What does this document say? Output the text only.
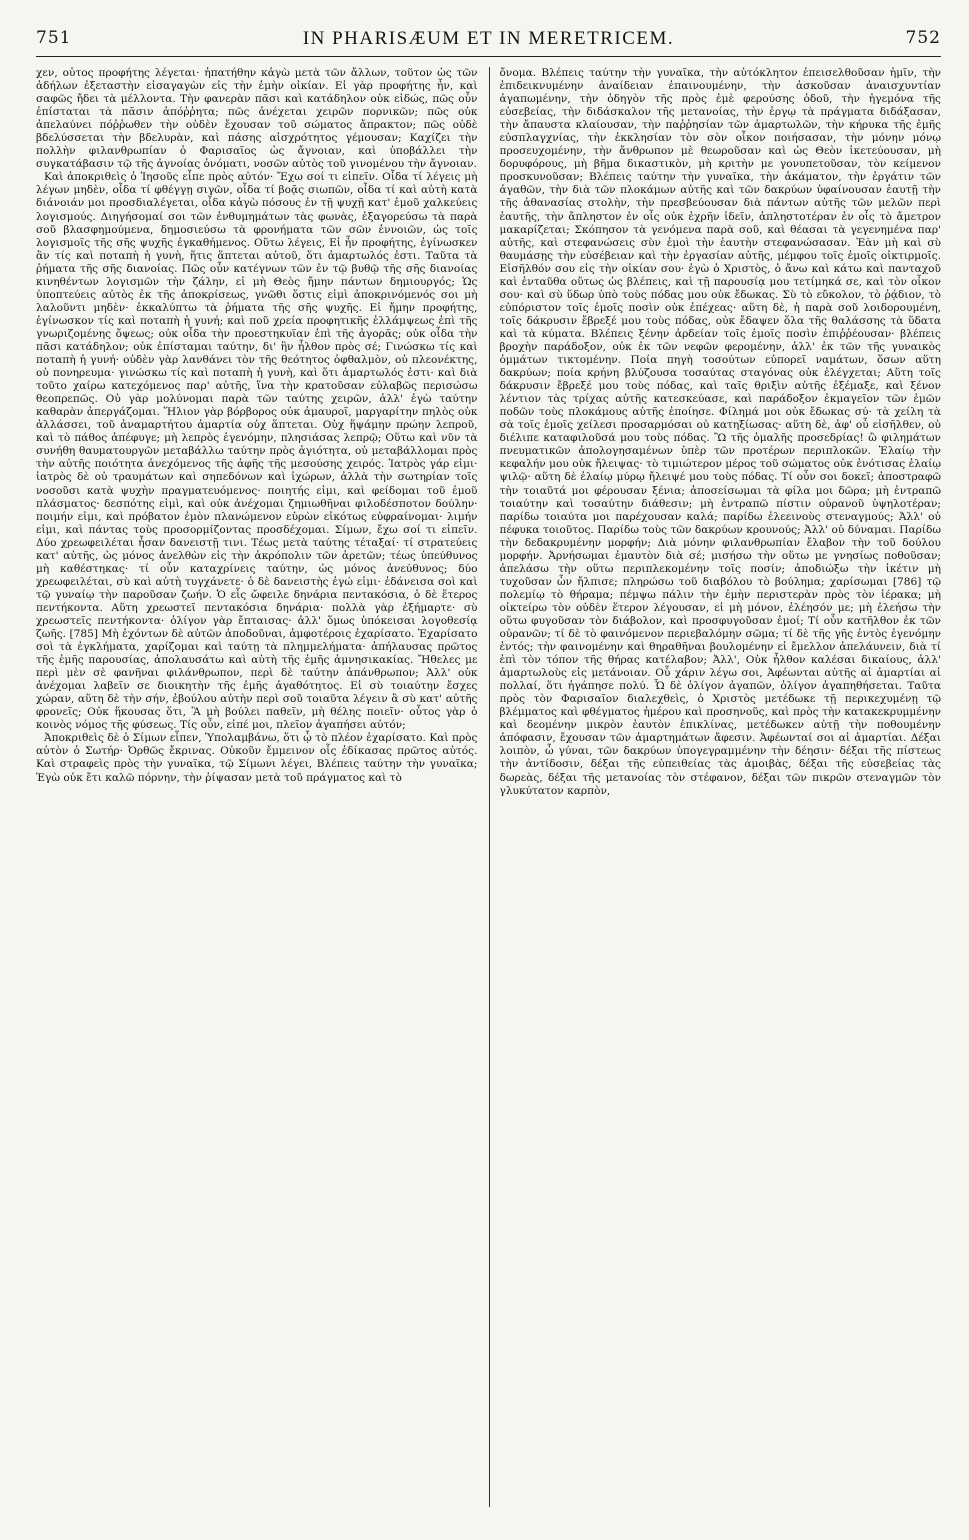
751	IN PHARISÆUM ET IN MERETRICEM.	752

χεν, οὗτος προφήτης λέγεται· ἠπατήθην κἀγὼ μετὰ τῶν ἄλλων, τοῦτον ὡς τῶν ἀδήλων ἐξεταστὴν εἰσαγαγὼν εἰς τὴν ἐμὴν οἰκίαν. Εἰ γὰρ προφήτης ἦν, καὶ σαφῶς ἤδει τὰ μέλλοντα. Τὴν φανερὰν πᾶσι καὶ κατάδηλον οὐκ εἰδώς, πῶς οὖν ἐπίσταται τὰ πᾶσιν ἀπόῤῥητα; πῶς ἀνέχεται χειρῶν πορνικῶν; πῶς οὐκ ἀπελαύνει πόῤῥωθεν τὴν οὐδὲν ἔχουσαν τοῦ σώματος ἄπρακτον; πῶς οὐδὲ βδελύσσεται τὴν βδελυρὰν, καὶ πάσης αἰσχρότητος γέμουσαν; Καχίζει τὴν πολλὴν φιλανθρωπίαν ὁ Φαρισαῖος ὡς ἄγνοιαν, καὶ ὑποβάλλει τὴν συγκατάβασιν τῷ τῆς ἀγνοίας ὀνόματι, νοσῶν αὐτὸς τοῦ γινομένου τὴν ἄγνοιαν.

Καὶ ἀποκριθεὶς ὁ Ἰησοῦς εἶπε πρὸς αὐτόν· Ἔχω σοί τι εἰπεῖν. Οἶδα τί λέγεις μὴ λέγων μηδὲν, οἶδα τί φθέγγῃ σιγῶν, οἶδα τί βοᾷς σιωπῶν, οἶδα τί καὶ αὐτὴ κατὰ διάνοιάν μοι προσδιαλέγεται, οἶδα κἀγὼ πόσους ἐν τῇ ψυχῇ κατ' ἐμοῦ χαλκεύεις λογισμούς. Διηγήσομαί σοι τῶν ἐνθυμημάτων τὰς φωνὰς, ἐξαγορεύσω τὰ παρὰ σοῦ βλασφημούμενα, δημοσιεύσω τὰ φρονήματα τῶν σῶν ἐννοιῶν, ὡς τοῖς λογισμοῖς τῆς σῆς ψυχῆς ἐγκαθήμενος. Οὕτω λέγεις, Εἰ ἦν προφήτης, ἐγίνωσκεν ἂν τίς καὶ ποταπὴ ἡ γυνὴ, ἥτις ἅπτεται αὐτοῦ, ὅτι ἁμαρτωλός ἐστι. Ταῦτα τὰ ῥήματα τῆς σῆς διανοίας. Πῶς οὖν κατέγνων τῶν ἐν τῷ βυθῷ τῆς σῆς διανοίας κινηθέντων λογισμῶν τὴν ζάλην, εἰ μὴ Θεὸς ἤμην πάντων δημιουργός; Ὡς ὑποπτεύεις αὐτὸς ἐκ τῆς ἀποκρίσεως, γνῶθι ὅστις εἰμὶ ἀποκρινόμενός σοι μὴ λαλοῦντι μηδὲν· ἐκκαλύπτω τὰ ῥήματα τῆς σῆς ψυχῆς. Εἰ ἤμην προφήτης, ἐγίνωσκον τίς καὶ ποταπὴ ἡ γυνή; καὶ ποῦ χρεία προφητικῆς ἐλλάμψεως ἐπὶ τῆς γνωριζομένης ὄψεως; οὐκ οἶδα τὴν προεστηκυῖαν ἐπὶ τῆς ἀγορᾶς; οὐκ οἶδα τὴν πᾶσι κατάδηλον; οὐκ ἐπίσταμαι ταύτην, δι' ἣν ἦλθον πρὸς σέ; Γινώσκω τίς καὶ ποταπὴ ἡ γυνή· οὐδὲν γὰρ λανθάνει τὸν τῆς θεότητος ὀφθαλμὸν, οὐ πλεονέκτης, οὐ πονηρευμα· γινώσκω τίς καὶ ποταπὴ ἡ γυνὴ, καὶ ὅτι ἁμαρτωλός ἐστι· καὶ διὰ τοῦτο χαίρω κατεχόμενος παρ' αὐτῆς, ἵνα τὴν κρατοῦσαν εὐλαβῶς περισώσω θεοπρεπῶς. Οὐ γὰρ μολύνομαι παρὰ τῶν ταύτης χειρῶν, ἀλλ' ἐγὼ ταύτην καθαρὰν ἀπεργάζομαι. Ἥλιον γὰρ βόρβορος οὐκ ἀμαυροῖ, μαργαρίτην πηλὸς οὐκ ἀλλάσσει, τοῦ ἀναμαρτήτου ἁμαρτία οὐχ ἅπτεται. Οὐχ ἥψάμην πρώην λεπροῦ, καὶ τὸ πάθος ἀπέφυγε; μὴ λεπρὸς ἐγενόμην, πλησιάσας λεπρῷ; Οὕτω καὶ νῦν τὰ συνήθη θαυματουργῶν μεταβάλλω ταύτην πρὸς ἁγιότητα, οὐ μεταβάλλομαι πρὸς τὴν αὐτῆς ποιότητα ἀνεχόμενος τῆς ἁφῆς τῆς μεσούσης χειρός. Ἰατρὸς γάρ εἰμι· ἰατρὸς δὲ οὐ τραυμάτων καὶ σηπεδόνων καὶ ἰχώρων, ἀλλὰ τὴν σωτηρίαν τοῖς νοσοῦσι κατὰ ψυχὴν πραγματευόμενος· ποιητής εἰμι, καὶ φείδομαι τοῦ ἐμοῦ πλάσματος· δεσπότης εἰμὶ, καὶ οὐκ ἀνέχομαι ζημιωθῆναι φιλοδέσποτον δούλην· ποιμήν εἰμι, καὶ πρόβατον ἐμὸν πλανώμενον εὑρὼν εἰκότως εὐφραίνομαι· λιμήν εἰμι, καὶ πάντας τοὺς προσορμίζοντας προσδέχομαι. Σίμων, ἔχω σοί τι εἰπεῖν. Δύο χρεωφειλέται ἦσαν δανειστῇ τινι. Τέως μετὰ ταύτης τέταξαί· τί στρατεύεις κατ' αὐτῆς, ὡς μόνος ἀνελθὼν εἰς τὴν ἀκρόπολιν τῶν ἀρετῶν; τέως ὑπεύθυνος μὴ καθέστηκας· τί οὖν καταχρίνεις ταύτην, ὡς μόνος ἀνεύθυνος; δύο χρεωφειλέται, σὺ καὶ αὐτὴ τυγχάνετε· ὁ δὲ δανειστὴς ἐγώ εἰμι· ἐδάνεισα σοὶ καὶ τῷ γυναίῳ τὴν παροῦσαν ζωήν. Ὁ εἷς ὤφειλε δηνάρια πεντακόσια, ὁ δὲ ἕτερος πεντήκοντα. Αὕτη χρεωστεῖ πεντακόσια δηνάρια· πολλὰ γὰρ ἐξήμαρτε· σὺ χρεωστεῖς πεντήκοντα· ὀλίγον γὰρ ἔπταισας· ἀλλ' ὅμως ὑπόκεισαι λογοθεσίᾳ ζωῆς. [785] Μὴ ἐχόντων δὲ αὐτῶν ἀποδοῦναι, ἀμφοτέροις ἐχαρίσατο. Ἐχαρίσατο σοὶ τὰ ἐγκλήματα, χαρίζομαι καὶ ταύτῃ τὰ πλημμελήματα· ἀπήλαυσας πρῶτος τῆς ἐμῆς παρουσίας, ἀπολαυσάτω καὶ αὐτὴ τῆς ἐμῆς ἀμνησικακίας. Ἤθελες με περὶ μὲν σὲ φανῆναι φιλάνθρωπον, περὶ δὲ ταύτην ἀπάνθρωπον; Ἀλλ' οὐκ ἀνέχομαι λαβεῖν σε διοικητὴν τῆς ἐμῆς ἀγαθότητος. Εἰ σὺ τοιαύτην ἔσχες χώραν, αὕτη δὲ τὴν σήν, ἐβούλου αὐτὴν περὶ σοῦ τοιαῦτα λέγειν ἃ σὺ κατ' αὐτῆς φρονεῖς; Οὐκ ἥκουσας ὅτι, Ἃ μὴ βούλει παθεῖν, μὴ θέλης ποιεῖν· οὗτος γὰρ ὁ κοινὸς νόμος τῆς φύσεως. Τίς οὖν, εἰπέ μοι, πλεῖον ἀγαπήσει αὐτόν;

Ἀποκριθεὶς δὲ ὁ Σίμων εἶπεν, Ὑπολαμβάνω, ὅτι ᾧ τὸ πλέον ἐχαρίσατο. Καὶ πρὸς αὐτὸν ὁ Σωτήρ· Ὀρθῶς ἔκρινας. Οὐκοῦν ἔμμεινον οἷς ἐδίκασας πρῶτος αὐτός. Καὶ στραφεὶς πρὸς τὴν γυναῖκα, τῷ Σίμωνι λέγει, Βλέπεις ταύτην τὴν γυναῖκα; Ἐγὼ οὐκ ἔτι καλῶ πόρνην, τὴν ῥίψασαν μετὰ τοῦ πράγματος καὶ τὸ

ὄνομα. Βλέπεις ταύτην τὴν γυναῖκα, τὴν αὐτόκλητον ἐπεισελθοῦσαν ἡμῖν, τὴν ἐπιδεικνυμένην ἀναίδειαν ἐπαινουμένην, τὴν ἀσκοῦσαν ἀναισχυντίαν ἀγαπωμένην, τὴν ὁδηγὸν τῆς πρὸς ἐμὲ φερούσης ὁδοῦ, τὴν ἡγεμόνα τῆς εὐσεβείας, τὴν διδάσκαλον τῆς μετανοίας, τὴν ἐργῳ τὰ πράγματα διδάξασαν, τὴν ἄπαυστα κλαίουσαν, τὴν παῤῥησίαν τῶν ἁμαρτωλῶν, τὴν κήρυκα τῆς ἐμῆς εὐσπλαγχνίας, τὴν ἐκκλησίαν τὸν σὸν οἶκον ποιήσασαν, τὴν μόνην μόνῳ προσευχομένην, τὴν ἄνθρωπον μὲ θεωροῦσαν καὶ ὡς Θεὸν ἱκετεύουσαν, μὴ δορυφόρους, μὴ βῆμα δικαστικὸν, μὴ κριτὴν με γονυπετοῦσαν, τὸν κείμενον προσκυνοῦσαν; Βλέπεις ταύτην τὴν γυναῖκα, τὴν ἀκάματον, τὴν ἐργάτιν τῶν ἀγαθῶν, τὴν διὰ τῶν πλοκάμων αὐτῆς καὶ τῶν δακρύων ὑφαίνουσαν ἑαυτῇ τὴν τῆς ἀθανασίας στολὴν, τὴν πρεσβεύουσαν διὰ πάντων αὐτῆς τῶν μελῶν περὶ ἑαυτῆς, τὴν ἄπληστον ἐν οἷς οὐκ ἐχρῆν ἰδεῖν, ἀπληστοτέραν ἐν οἷς τὸ ἄμετρον μακαρίζεται; Σκόπησον τὰ γενόμενα παρὰ σοῦ, καὶ θέασαι τὰ γεγενημένα παρ' αὐτῆς, καὶ στεφανώσεις σὺν ἐμοὶ τὴν ἑαυτὴν στεφανώσασαν. Ἐὰν μὴ καὶ σὺ θαυμάσῃς τὴν εὐσέβειαν καὶ τὴν ἐργασίαν αὐτῆς, μέμφου τοῖς ἐμοῖς οἰκτιρμοῖς. Εἰσῆλθόν σου εἰς τὴν οἰκίαν σου· ἐγὼ ὁ Χριστὸς, ὁ ἄνω καὶ κάτω καὶ πανταχοῦ καὶ ἐνταῦθα οὕτως ὡς βλέπεις, καὶ τῇ παρουσίᾳ μου τετίμηκά σε, καὶ τὸν οἶκον σου· καὶ σὺ ὕδωρ ὑπὸ τοὺς πόδας μου οὐκ ἔδωκας. Σὺ τὸ εὔκολον, τὸ ῥᾴδιον, τὸ εὐπόριστον τοῖς ἐμοῖς ποσὶν οὐκ ἐπέχεας· αὕτη δὲ, ἡ παρὰ σοῦ λοιδορουμένη, τοῖς δάκρυσιν ἔβρεξέ μου τοὺς πόδας, οὐκ ἔδαψεν ὅλα τῆς θαλάσσης τὰ ὕδατα καὶ τὰ κύματα. Βλέπεις ξένην ἀρδείαν τοῖς ἐμοῖς ποσὶν ἐπιῤῥέουσαν· βλέπεις βροχὴν παράδοξον, οὐκ ἐκ τῶν νεφῶν φερομένην, ἀλλ' ἐκ τῶν τῆς γυναικὸς ὀμμάτων τικτομένην. Ποία πηγὴ τοσούτων εὐπορεῖ ναμάτων, ὅσων αὕτη δακρύων; ποία κρήνη βλύζουσα τοσαύτας σταγόνας οὐκ ἐλέγχεται; Αὕτη τοῖς δάκρυσιν ἔβρεξέ μου τοὺς πόδας, καὶ ταῖς θριξὶν αὐτῆς ἐξέμαξε, καὶ ξένον λέντιον τὰς τρίχας αὐτῆς κατεσκεύασε, καὶ παράδοξον ἐκμαγεῖον τῶν ἐμῶν ποδῶν τοὺς πλοκάμους αὐτῆς ἐποίησε. Φίλημά μοι οὐκ ἔδωκας σύ· τὰ χείλη τὰ σὰ τοῖς ἐμοῖς χείλεσι προσαρμόσαι οὐ κατηξίωσας· αὕτη δὲ, ἀφ' οὗ εἰσῆλθεν, οὐ διέλιπε καταφιλοῦσά μου τοὺς πόδας. Ὢ τῆς ὁμαλῆς προσεδρίας! ὢ φιλημάτων πνευματικῶν ἀπολογησαμένων ὑπὲρ τῶν προτέρων περιπλοκῶν. Ἐλαίῳ τὴν κεφαλήν μου οὐκ ἤλειψας· τὸ τιμιώτερον μέρος τοῦ σώματος οὐκ ἐνότισας ἐλαίῳ ψιλῷ· αὕτη δὲ ἐλαίῳ μύρῳ ἤλειψέ μου τοὺς πόδας. Τί οὖν σοι δοκεῖ; ἀποστραφῶ τὴν τοιαῦτά μοι φέρουσαν ξένια; ἀποσείσωμαι τὰ φίλα μοι δῶρα; μὴ ἐντραπῶ τοιαύτην καὶ τοσαύτην διάθεσιν; μὴ ἐντραπῶ πίστιν οὐρανοῦ ὑψηλοτέραν; παρίδω τοιαύτα μοι παρέχουσαν καλά; παρίδω ἐλεεινοὺς στεναγμούς; Ἀλλ' οὐ πέφυκα τοιοῦτος. Παρίδω τοὺς τῶν δακρύων κρουνούς; Ἀλλ' οὐ δύναμαι. Παρίδω τὴν δεδακρυμένην μορφήν; Διὰ μόνην φιλανθρωπίαν ἔλαβον τὴν τοῦ δούλου μορφήν. Ἀρνήσωμαι ἐμαυτὸν διὰ σέ; μισήσω τὴν οὕτω με γνησίως ποθοῦσαν; ἀπελάσω τὴν οὕτω περιπλεκομένην τοῖς ποσίν; ἀποδιώξω τὴν ἱκέτιν μὴ τυχοῦσαν ὧν ἤλπισε; πληρώσω τοῦ διαβόλου τὸ βούλημα; χαρίσωμαι [786] τῷ πολεμίῳ τὸ θήραμα; πέμψω πάλιν τὴν ἐμὴν περιστερὰν πρὸς τὸν ἱέρακα; μὴ οἰκτείρω τὸν οὐδὲν ἕτερον λέγουσαν, εἰ μὴ μόνον, ἐλέησόν με; μὴ ἐλεήσω τὴν οὕτω φυγοῦσαν τὸν διάβολον, καὶ προσφυγοῦσαν ἐμοί; Τί οὖν κατῆλθον ἐκ τῶν οὐρανῶν; τί δὲ τὸ φαινόμενον περιεβαλόμην σῶμα; τί δὲ τῆς γῆς ἐντὸς ἐγενόμην ἐντός; τὴν φαινομένην καὶ θηραθῆναι βουλομένην εἰ ἔμελλον ἀπελάυνειν, διὰ τί ἐπὶ τὸν τόπον τῆς θήρας κατέλαβον; Ἀλλ', Οὐκ ἦλθον καλέσαι δικαίους, ἀλλ' ἁμαρτωλοὺς εἰς μετάνοιαν. Οὗ χάριν λέγω σοι, Ἀφέωνται αὐτῆς αἱ ἁμαρτίαι αἱ πολλαί, ὅτι ἠγάπησε πολύ. Ὧ δὲ ὀλίγον ἀγαπῶν, ὀλίγον ἀγαπηθήσεται. Ταῦτα πρὸς τὸν Φαρισαῖον διαλεχθεὶς, ὁ Χριστὸς μετέδωκε τῇ περικεχυμένῃ τῷ βλέμματος καὶ φθέγματος ἡμέρου καὶ προσηνοῦς, καὶ πρὸς τὴν κατακεκρυμμένην καὶ δεομένην μικρὸν ἑαυτὸν ἐπικλίνας, μετέδωκεν αὐτῇ τὴν ποθουμένην ἀπόφασιν, ἔχουσαν τῶν ἁμαρτημάτων ἄφεσιν. Ἀφέωνταί σοι αἱ ἁμαρτίαι. Δέξαι λοιπὸν, ὦ γύναι, τῶν δακρύων ὑπογεγραμμένην τὴν δέησιν· δέξαι τῆς πίστεως τὴν ἀντίδοσιν, δέξαι τῆς εὐπειθείας τὰς ἀμοιβὰς, δέξαι τῆς εὐσεβείας τὰς δωρεὰς, δέξαι τῆς μετανοίας τὸν στέφανον, δέξαι τῶν πικρῶν στεναγμῶν τὸν γλυκύτατον καρπὸν,
